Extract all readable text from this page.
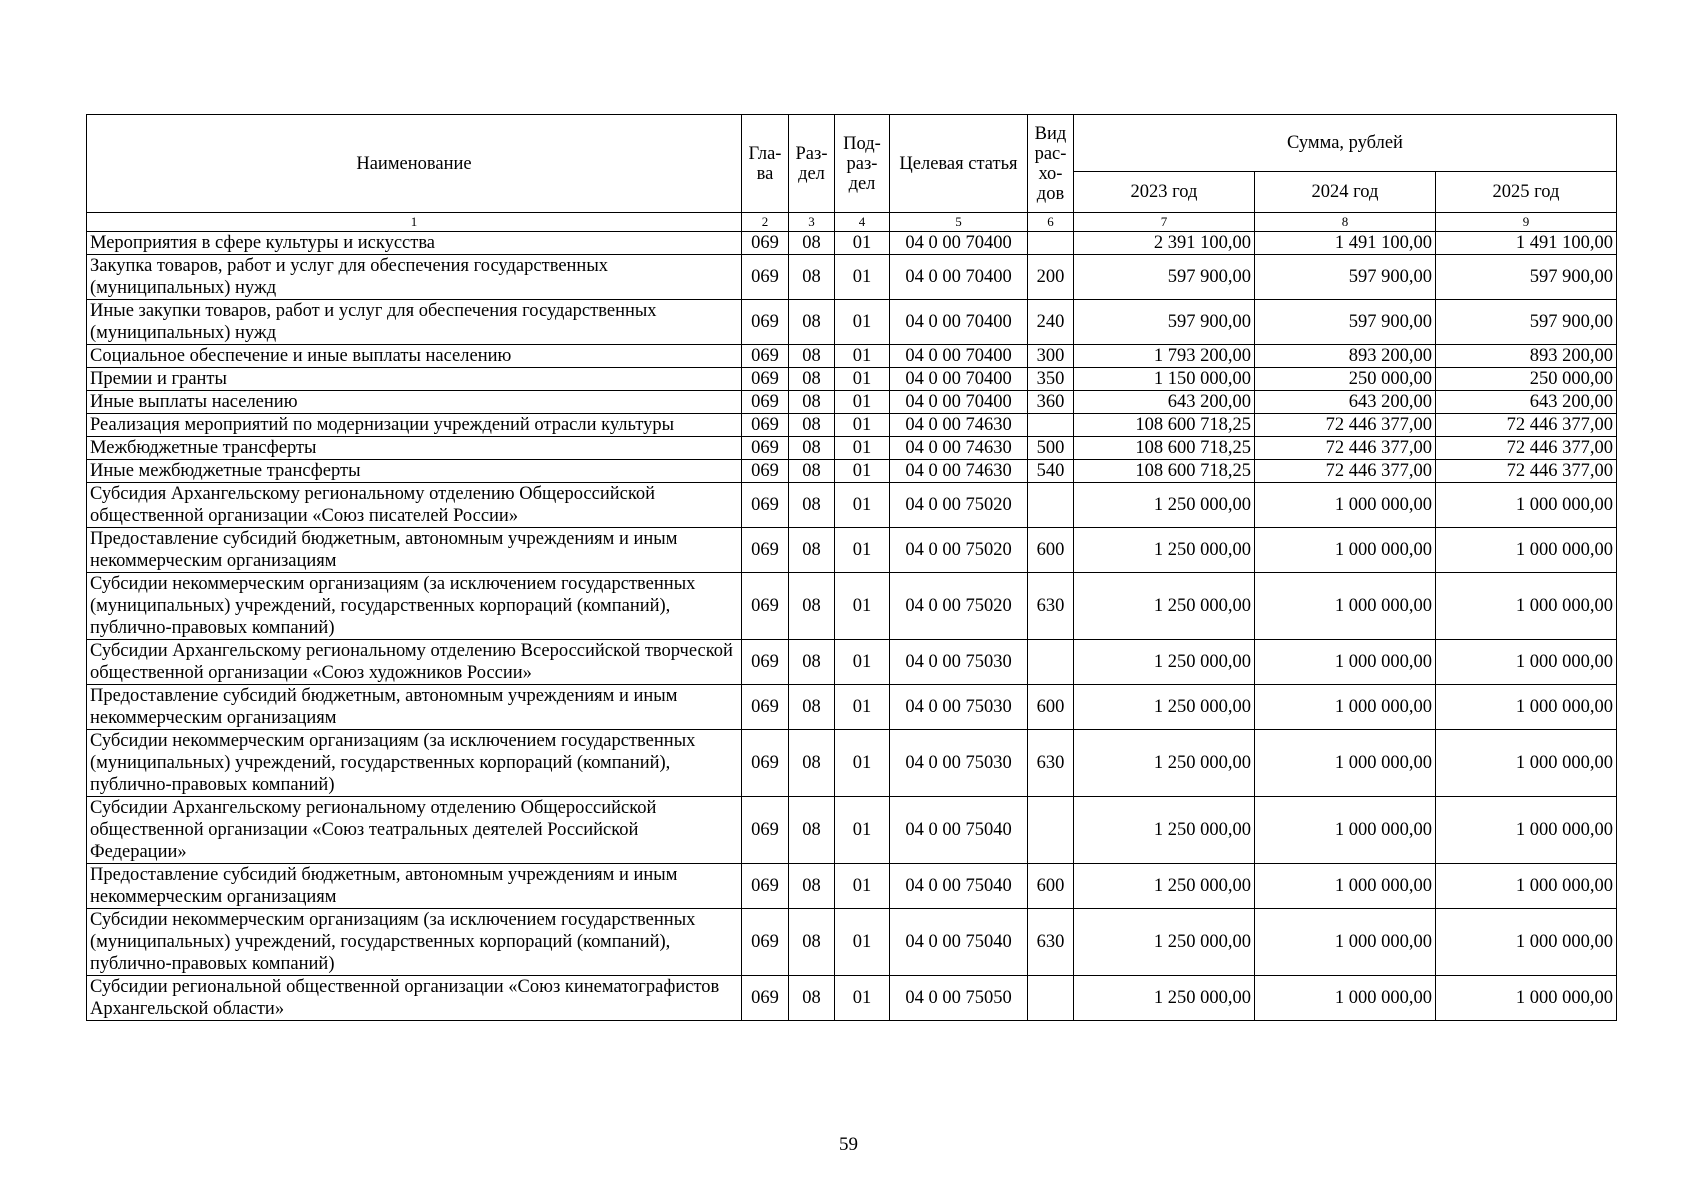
Наименование	Гла-ва	Раз-дел	Под-раз-дел	Целевая статья	Вид рас-хо-дов	Сумма, рублей		
						2023 год	2024 год	2025 год
1	2	3	4	5	6	7	8	9
Мероприятия в сфере культуры и искусства	069	08	01	04 0 00 70400		2 391 100,00	1 491 100,00	1 491 100,00
Закупка товаров, работ и услуг для обеспечения государственных (муниципальных) нужд	069	08	01	04 0 00 70400	200	597 900,00	597 900,00	597 900,00
Иные закупки товаров, работ и услуг для обеспечения государственных (муниципальных) нужд	069	08	01	04 0 00 70400	240	597 900,00	597 900,00	597 900,00
Социальное обеспечение и иные выплаты населению	069	08	01	04 0 00 70400	300	1 793 200,00	893 200,00	893 200,00
Премии и гранты	069	08	01	04 0 00 70400	350	1 150 000,00	250 000,00	250 000,00
Иные выплаты населению	069	08	01	04 0 00 70400	360	643 200,00	643 200,00	643 200,00
Реализация мероприятий по модернизации учреждений отрасли культуры	069	08	01	04 0 00 74630		108 600 718,25	72 446 377,00	72 446 377,00
Межбюджетные трансферты	069	08	01	04 0 00 74630	500	108 600 718,25	72 446 377,00	72 446 377,00
Иные межбюджетные трансферты	069	08	01	04 0 00 74630	540	108 600 718,25	72 446 377,00	72 446 377,00
Субсидия Архангельскому региональному отделению Общероссийской общественной организации «Союз писателей России»	069	08	01	04 0 00 75020		1 250 000,00	1 000 000,00	1 000 000,00
Предоставление субсидий бюджетным, автономным учреждениям и иным некоммерческим организациям	069	08	01	04 0 00 75020	600	1 250 000,00	1 000 000,00	1 000 000,00
Субсидии некоммерческим организациям (за исключением государственных (муниципальных) учреждений, государственных корпораций (компаний), публично-правовых компаний)	069	08	01	04 0 00 75020	630	1 250 000,00	1 000 000,00	1 000 000,00
Субсидии Архангельскому региональному отделению Всероссийской творческой общественной организации «Союз художников России»	069	08	01	04 0 00 75030		1 250 000,00	1 000 000,00	1 000 000,00
Предоставление субсидий бюджетным, автономным учреждениям и иным некоммерческим организациям	069	08	01	04 0 00 75030	600	1 250 000,00	1 000 000,00	1 000 000,00
Субсидии некоммерческим организациям (за исключением государственных (муниципальных) учреждений, государственных корпораций (компаний), публично-правовых компаний)	069	08	01	04 0 00 75030	630	1 250 000,00	1 000 000,00	1 000 000,00
Субсидии Архангельскому региональному отделению Общероссийской общественной организации «Союз театральных деятелей Российской Федерации»	069	08	01	04 0 00 75040		1 250 000,00	1 000 000,00	1 000 000,00
Предоставление субсидий бюджетным, автономным учреждениям и иным некоммерческим организациям	069	08	01	04 0 00 75040	600	1 250 000,00	1 000 000,00	1 000 000,00
Субсидии некоммерческим организациям (за исключением государственных (муниципальных) учреждений, государственных корпораций (компаний), публично-правовых компаний)	069	08	01	04 0 00 75040	630	1 250 000,00	1 000 000,00	1 000 000,00
Субсидии региональной общественной организации «Союз кинематографистов Архангельской области»	069	08	01	04 0 00 75050		1 250 000,00	1 000 000,00	1 000 000,00
59
